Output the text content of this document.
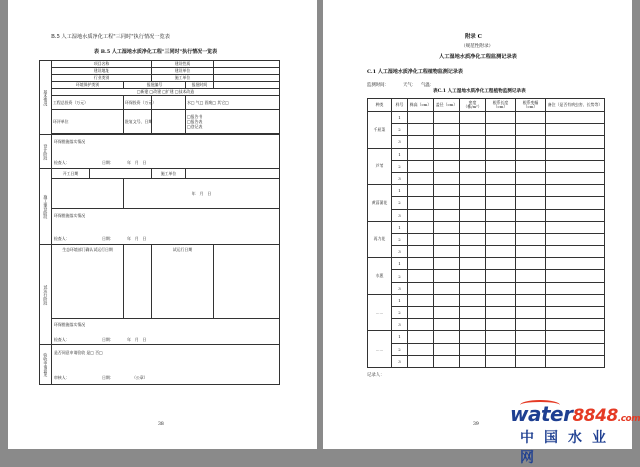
B.5 人工湿地水质净化工程"三同时"执行情况一览表
表 B.5 人工湿地水质净化工程"三同时"执行情况一览表
基本情况	项目名称			建设性质		
	建设地址			建设单位		
	行业类别			施工单位		
	环境保护类别		报批编号		报批时间	
	□新建 □改建 □扩建 □技术改造					
	工程总投资（万元）		环保投资（万元）		水□ 气□ 固废□ 其它□	
	环评单位		批复文号、日期		□报告书
□报告表
□登记表	

设计阶段	环保措施落实情况
检查人： 日期： 年　月　日					

施工建设阶段	开工日期			施工单位		
			年　月　日			

	环保措施落实情况
检查人： 日期： 年　月　日					

试运行阶段	生态环境部门确认试运行日期			试运行日期		

	环保措施落实情况
检查人： 日期： 年　月　日					

验收申请意见	是否同意申请验收 是□ 否□
审核人： 日期： （公章）					
38
附录 C
（规范性附录）
人工湿地水质净化工程监测记录表
C.1 人工湿地水质净化工程植物监测记录表
监测时间：	天气： 气温：
表C.1 人工湿地水质净化工程植物监测记录表
种类	样号	株高（cm）	盖径（cm）	密度（株/m²）	根系长度（cm）	根系变幅（cm）	备注（是否有病虫害、长势等）
千屈菜	1						
	2						
	3						
芦苇	1						
	2						
	3						
黄菖蒲花	1						
	2						
	3						
再力花	1						
	2						
	3						
水葱	1						
	2						
	3						
……	1						
	2						
	3						
……	1						
	2						
	3						
记录人：
39 water8848.com
中国水业网
